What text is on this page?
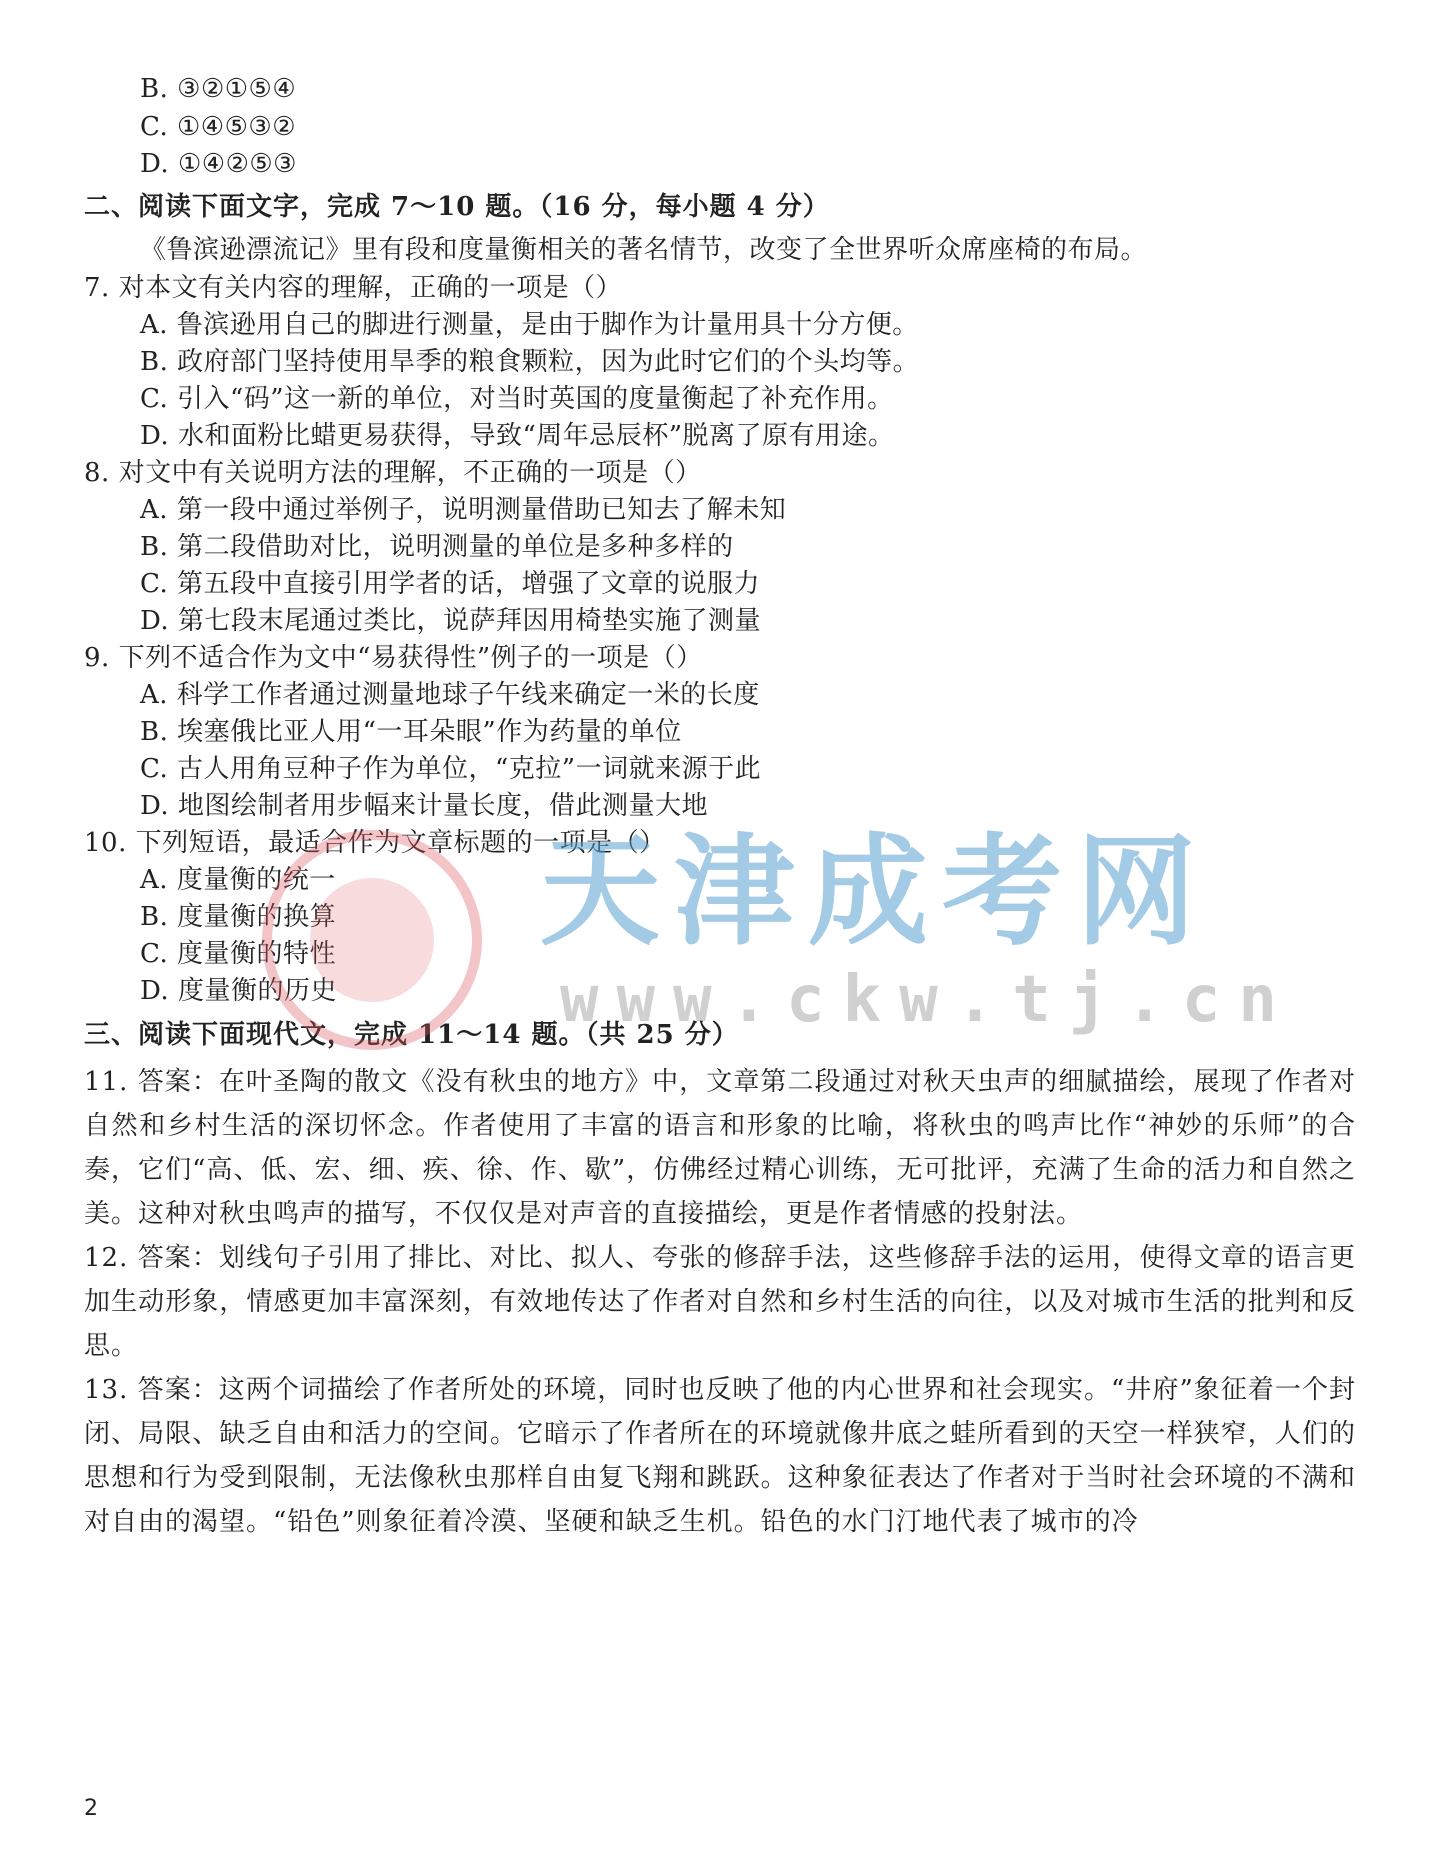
B. ③②①⑤④
C. ①④⑤③②
D. ①④②⑤③
二、阅读下面文字，完成 7～10 题。（16 分，每小题 4 分）
《鲁滨逊漂流记》里有段和度量衡相关的著名情节，改变了全世界听众席座椅的布局。
7. 对本文有关内容的理解，正确的一项是（）
A. 鲁滨逊用自己的脚进行测量，是由于脚作为计量用具十分方便。
B. 政府部门坚持使用旱季的粮食颗粒，因为此时它们的个头均等。
C. 引入“码”这一新的单位，对当时英国的度量衡起了补充作用。
D. 水和面粉比蜡更易获得，导致“周年忌辰杯”脱离了原有用途。
8. 对文中有关说明方法的理解，不正确的一项是（）
A. 第一段中通过举例子，说明测量借助已知去了解未知
B. 第二段借助对比，说明测量的单位是多种多样的
C. 第五段中直接引用学者的话，增强了文章的说服力
D. 第七段末尾通过类比，说萨拜因用椅垫实施了测量
9. 下列不适合作为文中“易获得性”例子的一项是（）
A. 科学工作者通过测量地球子午线来确定一米的长度
B. 埃塞俄比亚人用“一耳朵眼”作为药量的单位
C. 古人用角豆种子作为单位，“克拉”一词就来源于此
D. 地图绘制者用步幅来计量长度，借此测量大地
10. 下列短语，最适合作为文章标题的一项是（）
A. 度量衡的统一
B. 度量衡的换算
C. 度量衡的特性
D. 度量衡的历史
三、阅读下面现代文，完成 11～14 题。（共 25 分）
11. 答案：在叶圣陶的散文《没有秋虫的地方》中，文章第二段通过对秋天虫声的细腻描绘，展现了作者对自然和乡村生活的深切怀念。作者使用了丰富的语言和形象的比喻，将秋虫的鸣声比作“神妙的乐师”的合奏，它们“高、低、宏、细、疾、徐、作、歇”，仿佛经过精心训练，无可批评，充满了生命的活力和自然之美。这种对秋虫鸣声的描写，不仅仅是对声音的直接描绘，更是作者情感的投射法。
12. 答案：划线句子引用了排比、对比、拟人、夸张的修辞手法，这些修辞手法的运用，使得文章的语言更加生动形象，情感更加丰富深刻，有效地传达了作者对自然和乡村生活的向往，以及对城市生活的批判和反思。
13. 答案：这两个词描绘了作者所处的环境，同时也反映了他的内心世界和社会现实。“井府”象征着一个封闭、局限、缺乏自由和活力的空间。它暗示了作者所在的环境就像井底之蛙所看到的天空一样狭窄，人们的思想和行为受到限制，无法像秋虫那样自由复飞翔和跳跃。这种象征表达了作者对于当时社会环境的不满和对自由的渴望。“铅色”则象征着冷漠、坚硬和缺乏生机。铅色的水门汀地代表了城市的冷
天津成考网
www.ckw.tj.cn
2
